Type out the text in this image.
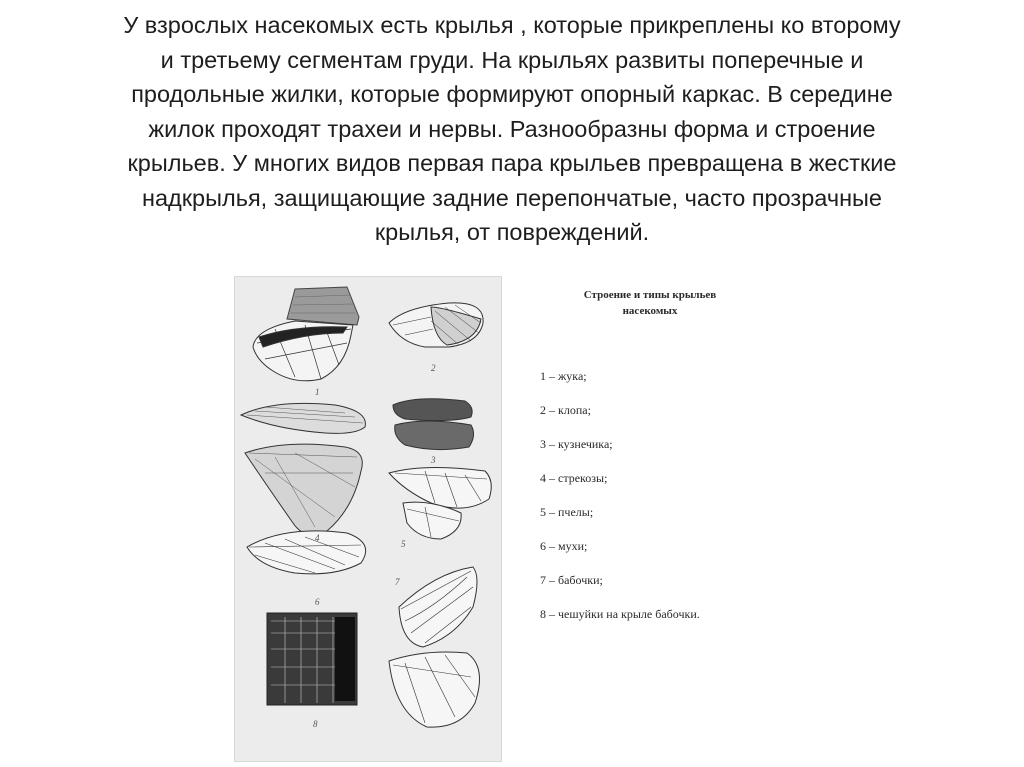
У взрослых насекомых есть крылья , которые прикреплены ко второму
и третьему сегментам груди. На крыльях развиты поперечные и
продольные жилки, которые формируют опорный каркас. В середине
жилок проходят трахеи и нервы. Разнообразны форма и строение
крыльев. У многих видов первая пара крыльев превращена в жесткие
надкрылья, защищающие задние перепончатые, часто прозрачные
крылья, от повреждений.
1
2
3
4
5
6
7
8
Строение и типы крыльев
насекомых
1 – жука;
2 – клопа;
3 – кузнечика;
4 – стрекозы;
5 – пчелы;
6 – мухи;
7 – бабочки;
8 – чешуйки на крыле бабочки.
